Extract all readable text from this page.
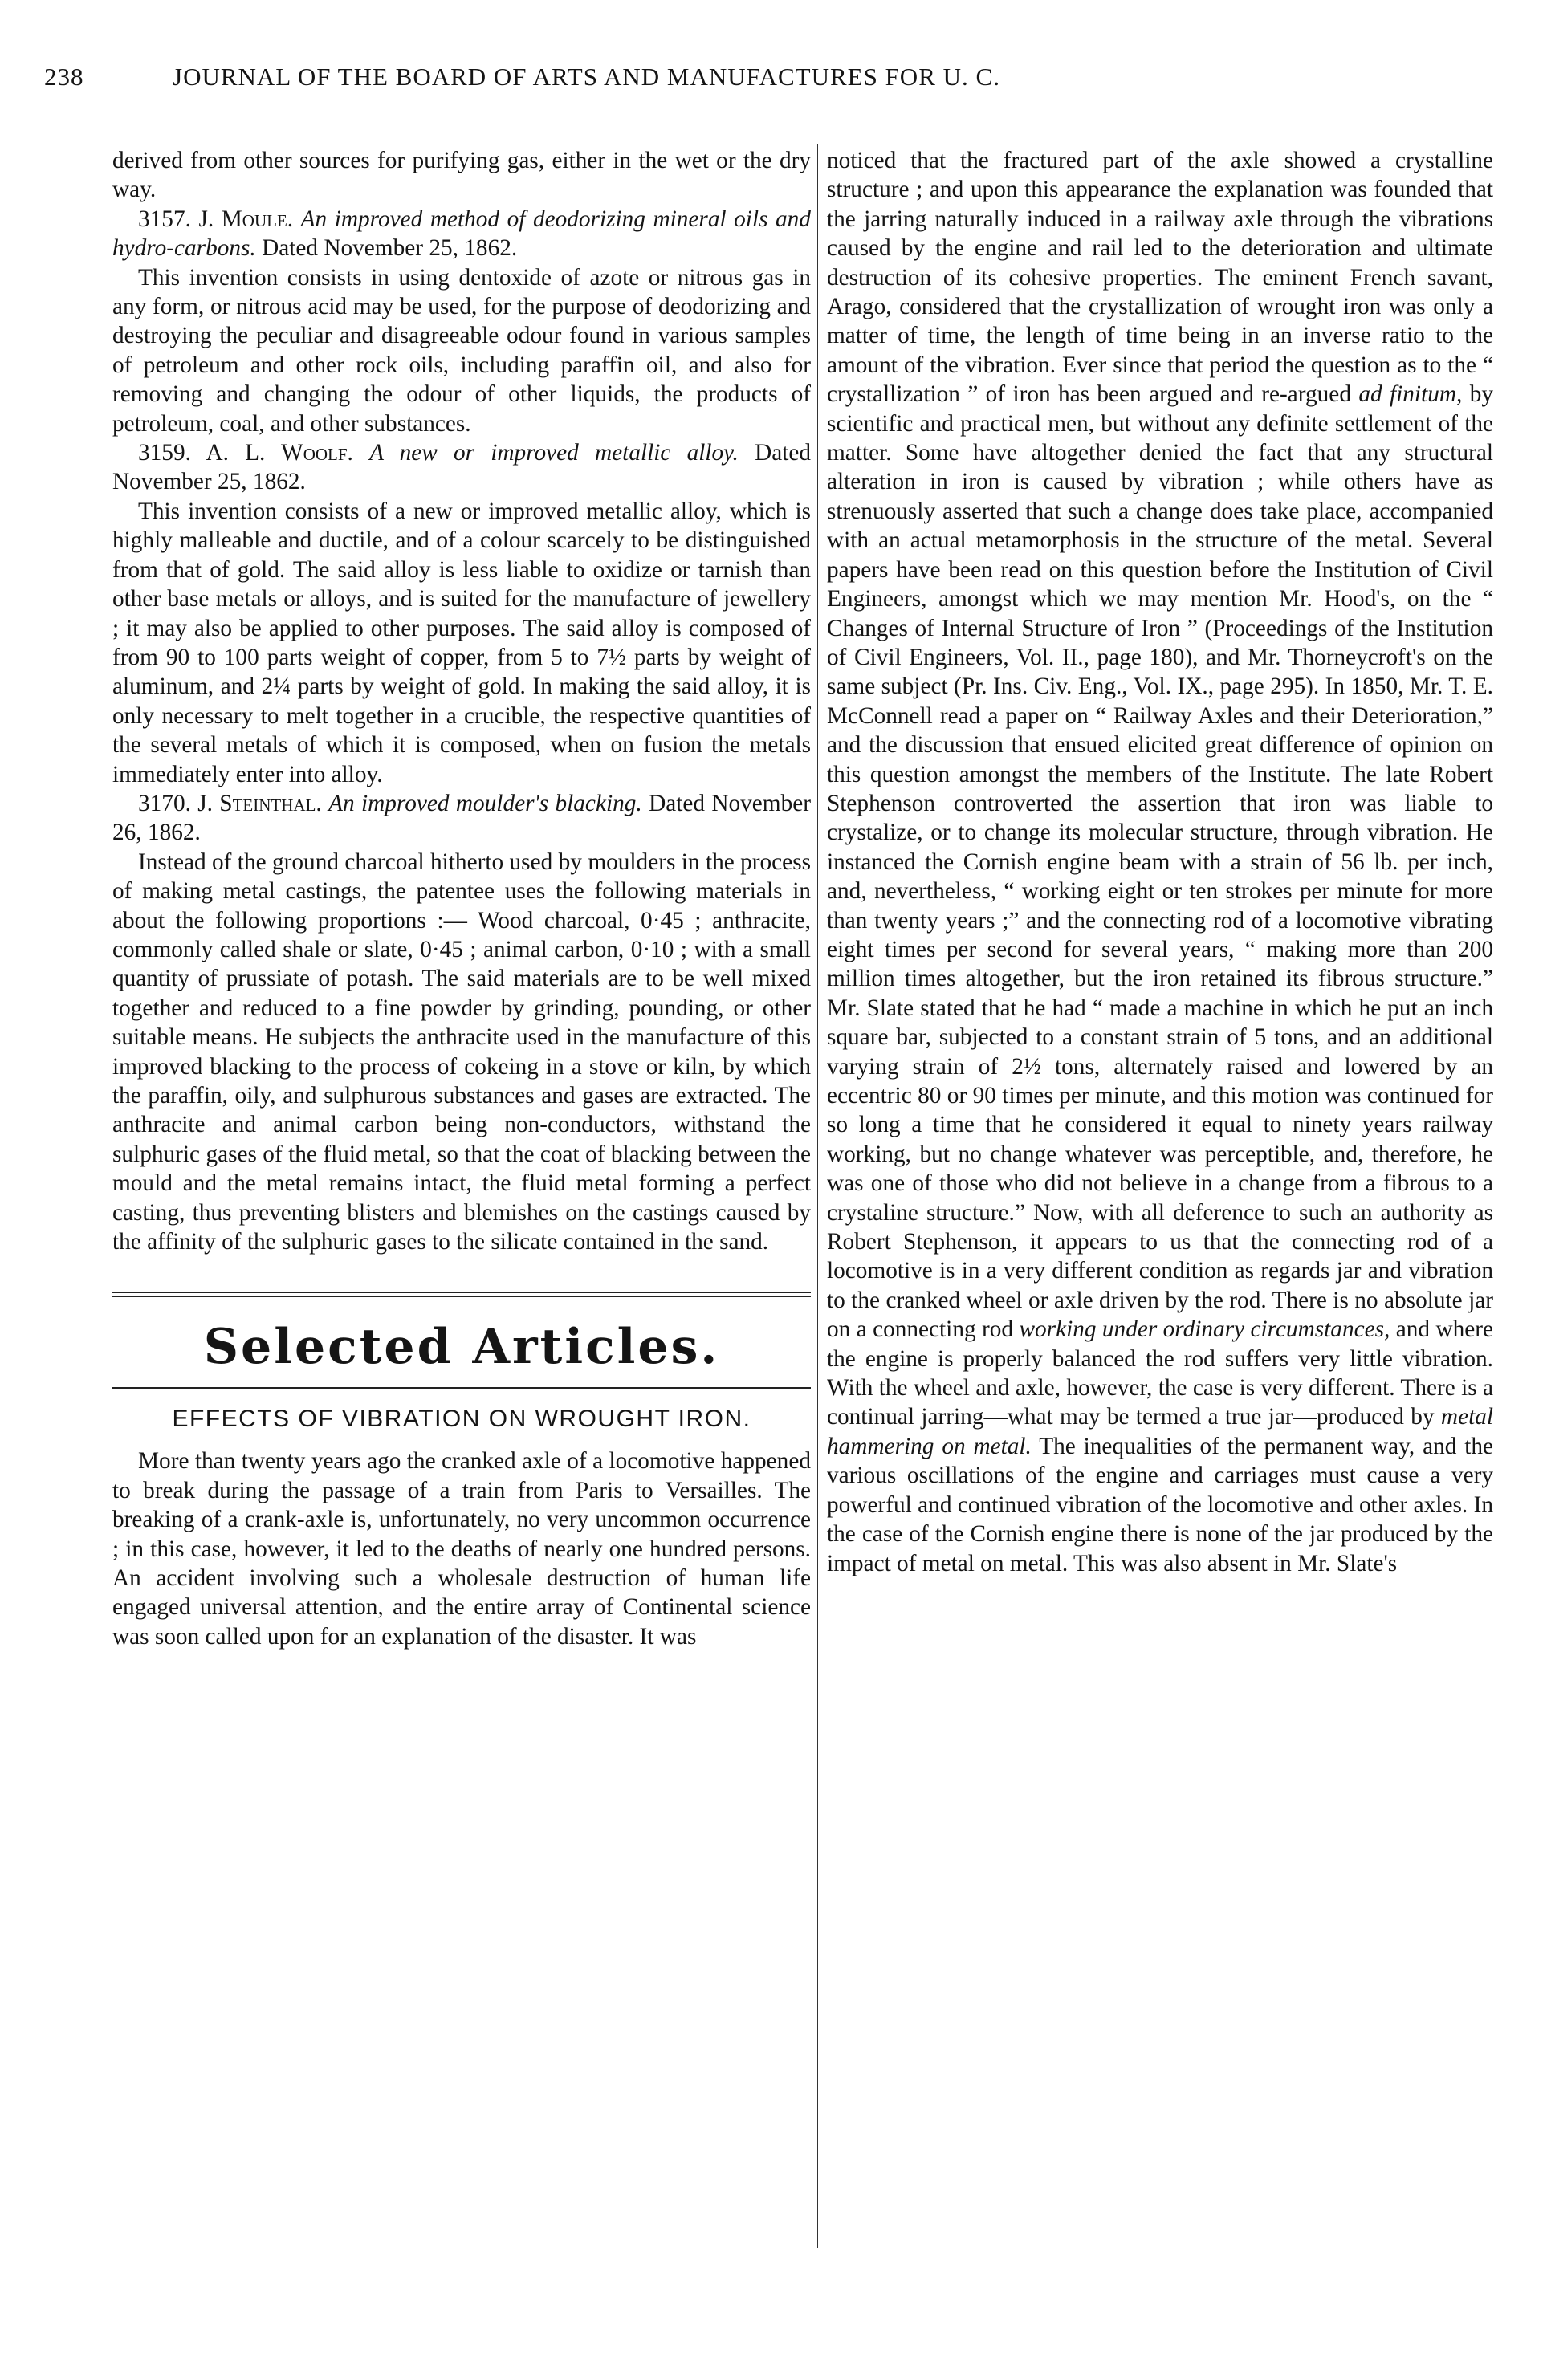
238	JOURNAL OF THE BOARD OF ARTS AND MANUFACTURES FOR U. C.

derived from other sources for purifying gas, either in the wet or the dry way.

3157. J. Moule. An improved method of deodorizing mineral oils and hydro-carbons. Dated November 25, 1862.

This invention consists in using dentoxide of azote or nitrous gas in any form, or nitrous acid may be used, for the purpose of deodorizing and destroying the peculiar and disagreeable odour found in various samples of petroleum and other rock oils, including paraffin oil, and also for removing and changing the odour of other liquids, the products of petroleum, coal, and other substances.

3159. A. L. Woolf. A new or improved metallic alloy. Dated November 25, 1862.

This invention consists of a new or improved metallic alloy, which is highly malleable and ductile, and of a colour scarcely to be distinguished from that of gold. The said alloy is less liable to oxidize or tarnish than other base metals or alloys, and is suited for the manufacture of jewellery ; it may also be applied to other purposes. The said alloy is composed of from 90 to 100 parts weight of copper, from 5 to 7½ parts by weight of aluminum, and 2¼ parts by weight of gold. In making the said alloy, it is only necessary to melt together in a crucible, the respective quantities of the several metals of which it is composed, when on fusion the metals immediately enter into alloy.

3170. J. Steinthal. An improved moulder's blacking. Dated November 26, 1862.

Instead of the ground charcoal hitherto used by moulders in the process of making metal castings, the patentee uses the following materials in about the following proportions :— Wood charcoal, 0·45 ; anthracite, commonly called shale or slate, 0·45 ; animal carbon, 0·10 ; with a small quantity of prussiate of potash. The said materials are to be well mixed together and reduced to a fine powder by grinding, pounding, or other suitable means. He subjects the anthracite used in the manufacture of this improved blacking to the process of cokeing in a stove or kiln, by which the paraffin, oily, and sulphurous substances and gases are extracted. The anthracite and animal carbon being non-conductors, withstand the sulphuric gases of the fluid metal, so that the coat of blacking between the mould and the metal remains intact, the fluid metal forming a perfect casting, thus preventing blisters and blemishes on the castings caused by the affinity of the sulphuric gases to the silicate contained in the sand.

Selected Articles.
EFFECTS OF VIBRATION ON WROUGHT IRON.

More than twenty years ago the cranked axle of a locomotive happened to break during the passage of a train from Paris to Versailles. The breaking of a crank-axle is, unfortunately, no very uncommon occurrence ; in this case, however, it led to the deaths of nearly one hundred persons. An accident involving such a wholesale destruction of human life engaged universal attention, and the entire array of Continental science was soon called upon for an explanation of the disaster. It was

noticed that the fractured part of the axle showed a crystalline structure ; and upon this appearance the explanation was founded that the jarring naturally induced in a railway axle through the vibrations caused by the engine and rail led to the deterioration and ultimate destruction of its cohesive properties. The eminent French savant, Arago, considered that the crystallization of wrought iron was only a matter of time, the length of time being in an inverse ratio to the amount of the vibration. Ever since that period the question as to the “ crystallization ” of iron has been argued and re-argued ad finitum, by scientific and practical men, but without any definite settlement of the matter. Some have altogether denied the fact that any structural alteration in iron is caused by vibration ; while others have as strenuously asserted that such a change does take place, accompanied with an actual metamorphosis in the structure of the metal. Several papers have been read on this question before the Institution of Civil Engineers, amongst which we may mention Mr. Hood's, on the “ Changes of Internal Structure of Iron ” (Proceedings of the Institution of Civil Engineers, Vol. II., page 180), and Mr. Thorneycroft's on the same subject (Pr. Ins. Civ. Eng., Vol. IX., page 295). In 1850, Mr. T. E. McConnell read a paper on “ Railway Axles and their Deterioration,” and the discussion that ensued elicited great difference of opinion on this question amongst the members of the Institute. The late Robert Stephenson controverted the assertion that iron was liable to crystalize, or to change its molecular structure, through vibration. He instanced the Cornish engine beam with a strain of 56 lb. per inch, and, nevertheless, “ working eight or ten strokes per minute for more than twenty years ;” and the connecting rod of a locomotive vibrating eight times per second for several years, “ making more than 200 million times altogether, but the iron retained its fibrous structure.” Mr. Slate stated that he had “ made a machine in which he put an inch square bar, subjected to a constant strain of 5 tons, and an additional varying strain of 2½ tons, alternately raised and lowered by an eccentric 80 or 90 times per minute, and this motion was continued for so long a time that he considered it equal to ninety years railway working, but no change whatever was perceptible, and, therefore, he was one of those who did not believe in a change from a fibrous to a crystaline structure.” Now, with all deference to such an authority as Robert Stephenson, it appears to us that the connecting rod of a locomotive is in a very different condition as regards jar and vibration to the cranked wheel or axle driven by the rod. There is no absolute jar on a connecting rod working under ordinary circumstances, and where the engine is properly balanced the rod suffers very little vibration. With the wheel and axle, however, the case is very different. There is a continual jarring—what may be termed a true jar—produced by metal hammering on metal. The inequalities of the permanent way, and the various oscillations of the engine and carriages must cause a very powerful and continued vibration of the locomotive and other axles. In the case of the Cornish engine there is none of the jar produced by the impact of metal on metal. This was also absent in Mr. Slate's
